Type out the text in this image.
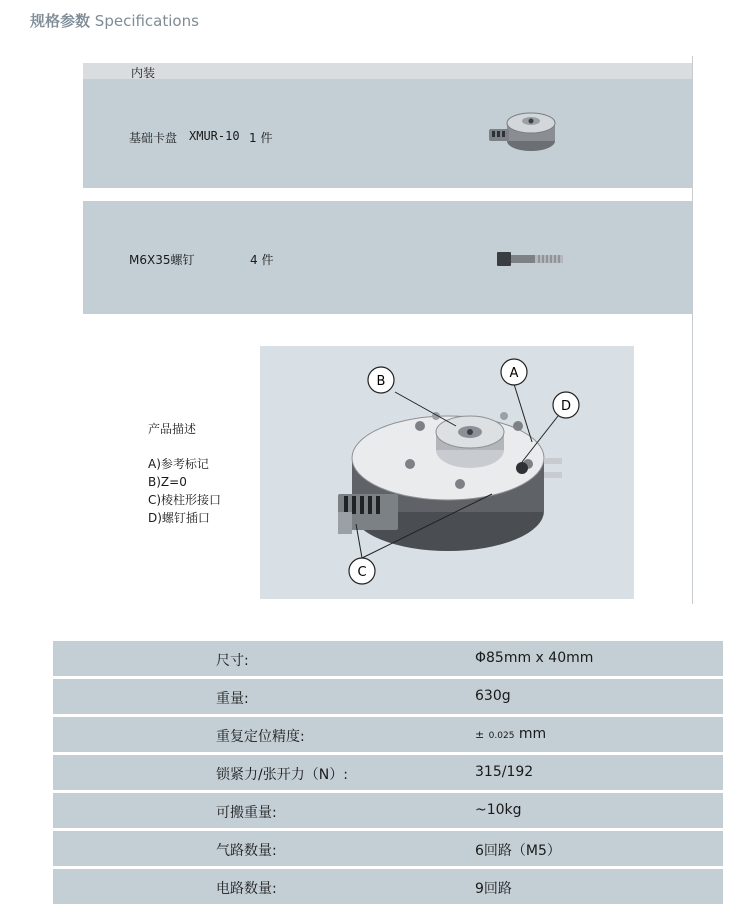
规格参数 Specifications
内装
基础卡盘 XMUR-10 1 件
M6X35螺钉	4 件
产品描述
A)参考标记
B)Z=0
C)棱柱形接口
D)螺钉插口
B
A
D
C
尺寸:	Φ85mm x 40mm
重量:	630g
重复定位精度:	± 0.025 mm
锁紧力/张开力（N）:	315/192
可搬重量:	~10kg
气路数量:	6回路（M5）
电路数量:	9回路
